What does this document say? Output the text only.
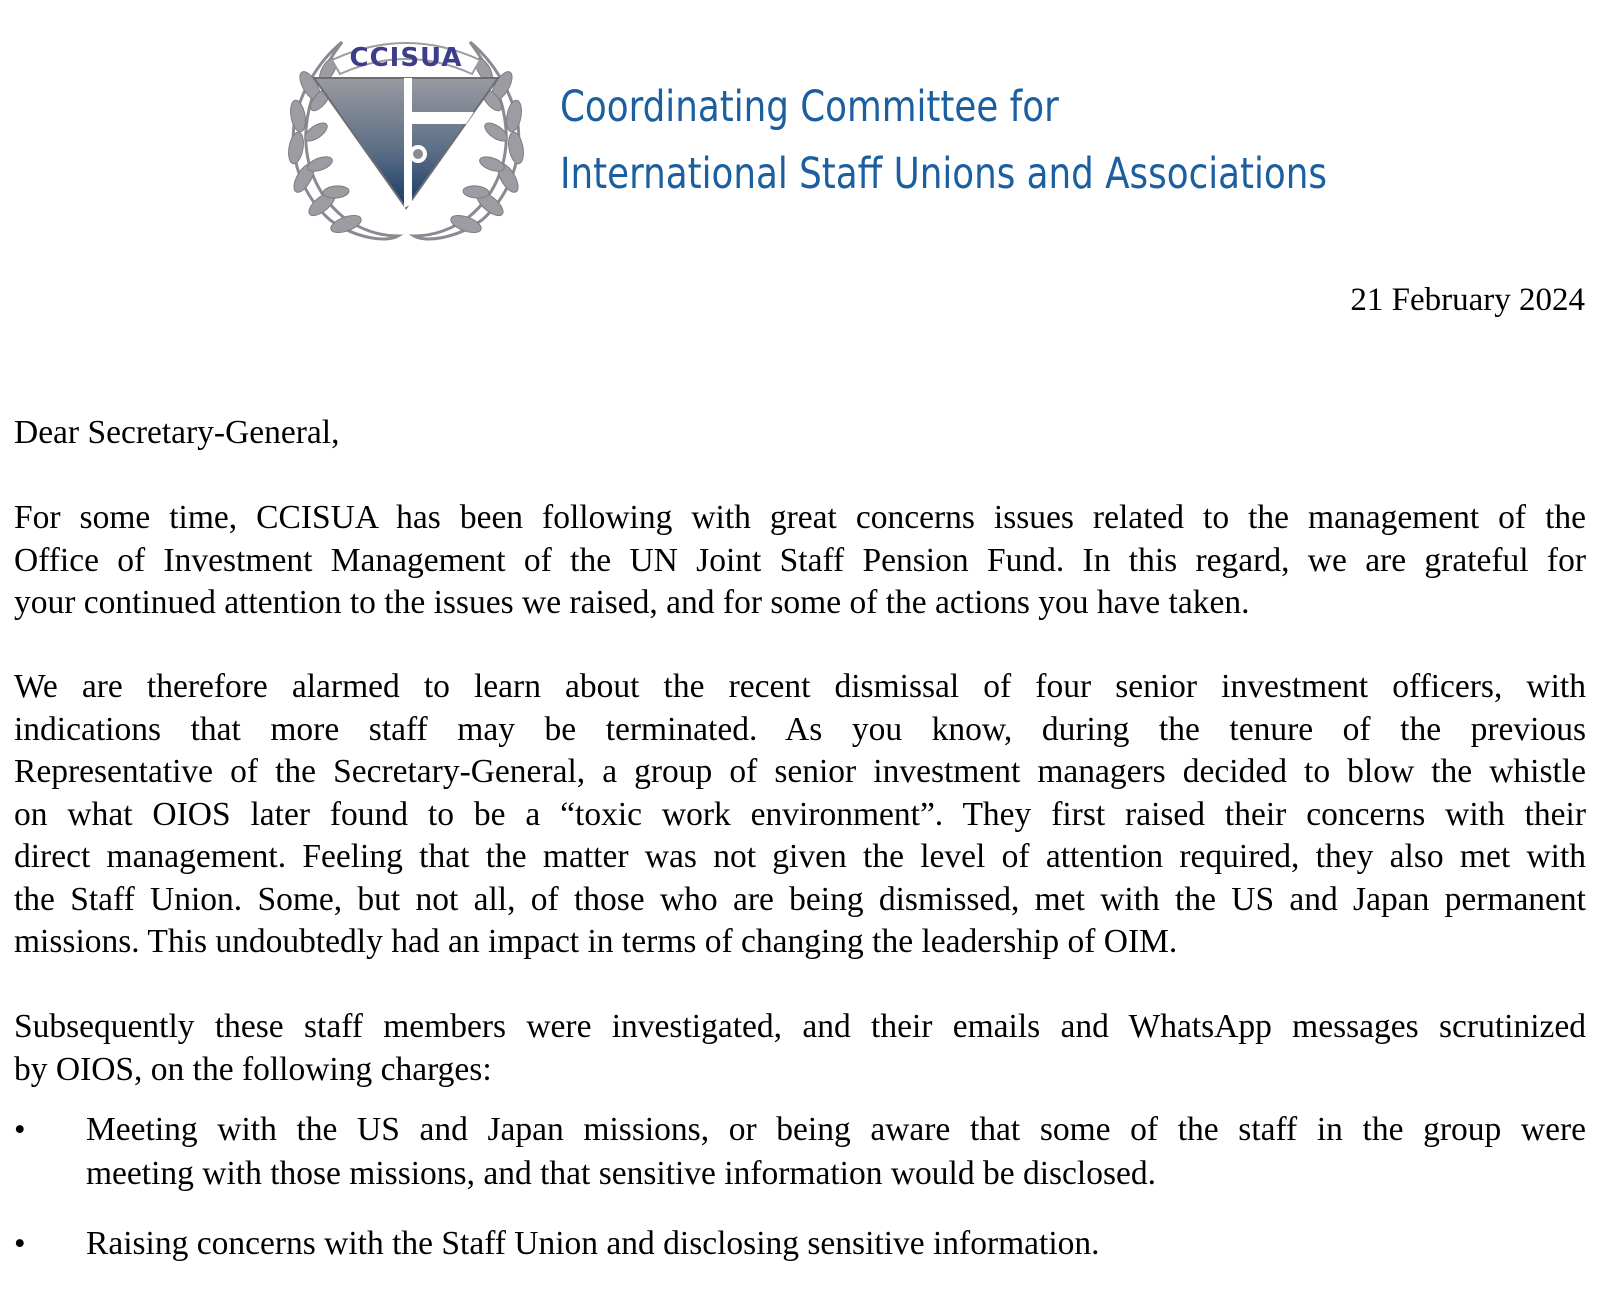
CCISUA
Coordinating Committee for
International Staff Unions and Associations
21 February 2024

Dear Secretary-General,

For some time, CCISUA has been following with great concerns issues related to the management of the
Office of Investment Management of the UN Joint Staff Pension Fund. In this regard, we are grateful for
your continued attention to the issues we raised, and for some of the actions you have taken.

We are therefore alarmed to learn about the recent dismissal of four senior investment officers, with
indications that more staff may be terminated. As you know, during the tenure of the previous
Representative of the Secretary-General, a group of senior investment managers decided to blow the whistle
on what OIOS later found to be a “toxic work environment”. They first raised their concerns with their
direct management. Feeling that the matter was not given the level of attention required, they also met with
the Staff Union. Some, but not all, of those who are being dismissed, met with the US and Japan permanent
missions. This undoubtedly had an impact in terms of changing the leadership of OIM.

Subsequently these staff members were investigated, and their emails and WhatsApp messages scrutinized
by OIOS, on the following charges:

• Meeting with the US and Japan missions, or being aware that some of the staff in the group were
meeting with those missions, and that sensitive information would be disclosed.

• Raising concerns with the Staff Union and disclosing sensitive information.
